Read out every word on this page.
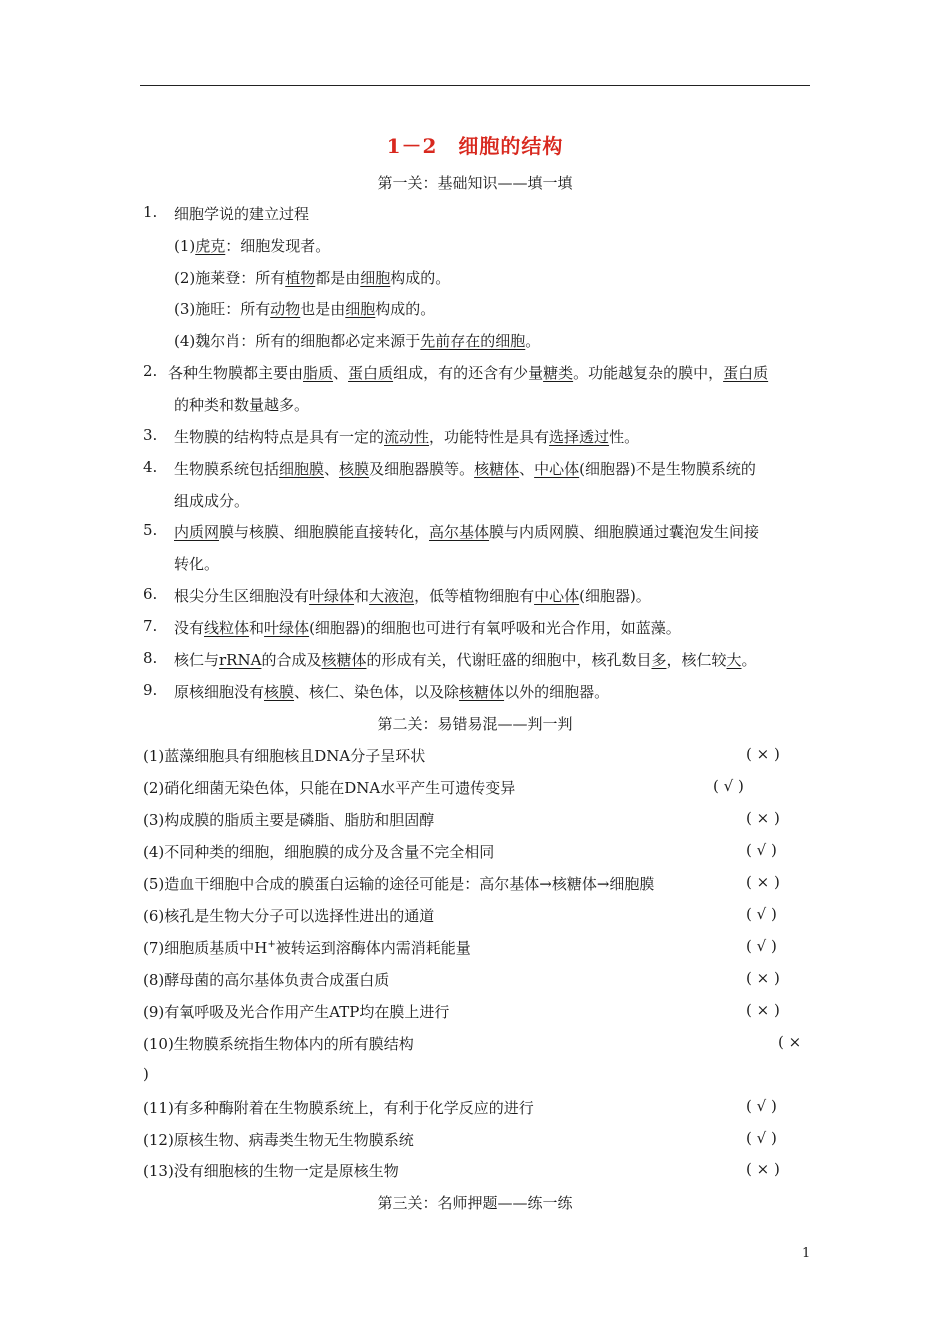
1－2　细胞的结构
第一关：基础知识——填一填
1. 细胞学说的建立过程
(1)虎克：细胞发现者。
(2)施莱登：所有植物都是由细胞构成的。
(3)施旺：所有动物也是由细胞构成的。
(4)魏尔肖：所有的细胞都必定来源于先前存在的细胞。
2. 各种生物膜都主要由脂质、蛋白质组成，有的还含有少量糖类。功能越复杂的膜中，蛋白质
的种类和数量越多。
3. 生物膜的结构特点是具有一定的流动性，功能特性是具有选择透过性。
4. 生物膜系统包括细胞膜、核膜及细胞器膜等。核糖体、中心体(细胞器)不是生物膜系统的
组成成分。
5. 内质网膜与核膜、细胞膜能直接转化，高尔基体膜与内质网膜、细胞膜通过囊泡发生间接
转化。
6. 根尖分生区细胞没有叶绿体和大液泡，低等植物细胞有中心体(细胞器)。
7. 没有线粒体和叶绿体(细胞器)的细胞也可进行有氧呼吸和光合作用，如蓝藻。
8. 核仁与rRNA的合成及核糖体的形成有关，代谢旺盛的细胞中，核孔数目多，核仁较大。
9. 原核细胞没有核膜、核仁、染色体，以及除核糖体以外的细胞器。
第二关：易错易混——判一判
(1)蓝藻细胞具有细胞核且DNA分子呈环状	( × )
(2)硝化细菌无染色体，只能在DNA水平产生可遗传变异	( √ )
(3)构成膜的脂质主要是磷脂、脂肪和胆固醇	( × )
(4)不同种类的细胞，细胞膜的成分及含量不完全相同	( √ )
(5)造血干细胞中合成的膜蛋白运输的途径可能是：高尔基体→核糖体→细胞膜	( × )
(6)核孔是生物大分子可以选择性进出的通道	( √ )
(7)细胞质基质中H+被转运到溶酶体内需消耗能量	( √ )
(8)酵母菌的高尔基体负责合成蛋白质	( × )
(9)有氧呼吸及光合作用产生ATP均在膜上进行	( × )
(10)生物膜系统指生物体内的所有膜结构	( ×
)
(11)有多种酶附着在生物膜系统上，有利于化学反应的进行	( √ )
(12)原核生物、病毒类生物无生物膜系统	( √ )
(13)没有细胞核的生物一定是原核生物	( × )
第三关：名师押题——练一练
1
